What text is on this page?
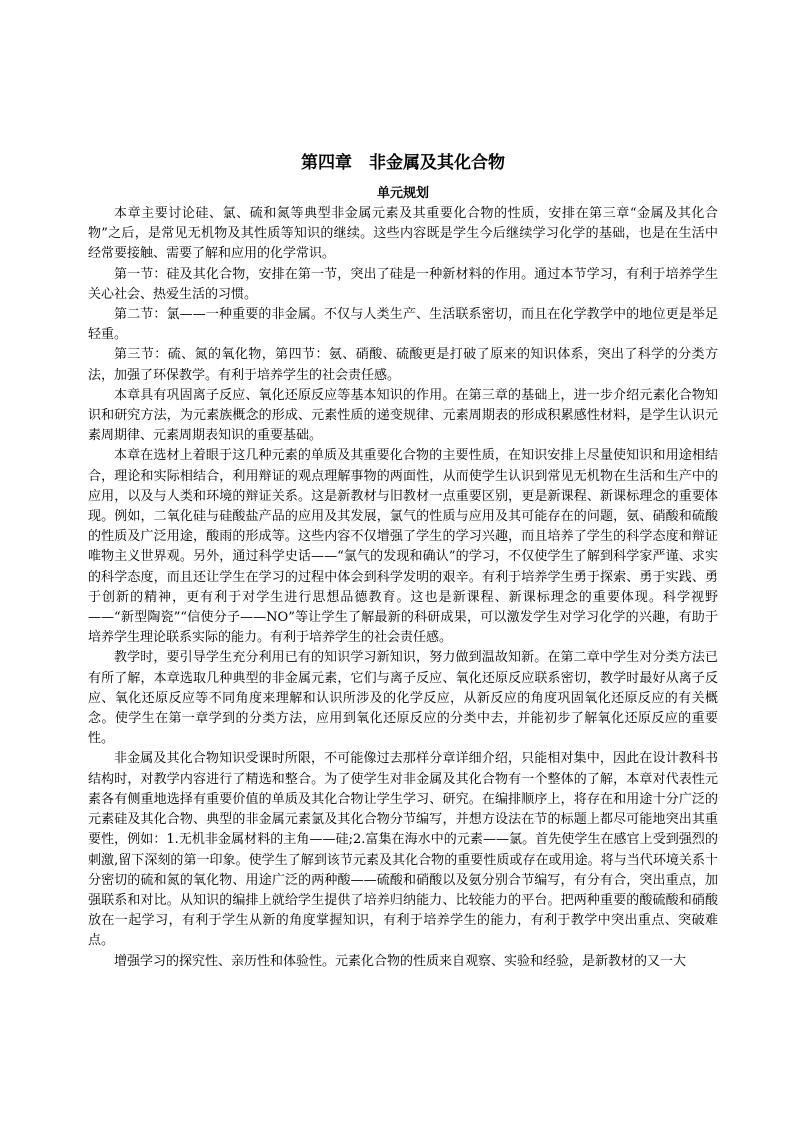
第四章　非金属及其化合物
单元规划

本章主要讨论硅、氯、硫和氮等典型非金属元素及其重要化合物的性质，安排在第三章“金属及其化合物”之后，是常见无机物及其性质等知识的继续。这些内容既是学生今后继续学习化学的基础，也是在生活中经常要接触、需要了解和应用的化学常识。

第一节：硅及其化合物，安排在第一节，突出了硅是一种新材料的作用。通过本节学习，有利于培养学生关心社会、热爱生活的习惯。

第二节：氯——一种重要的非金属。不仅与人类生产、生活联系密切，而且在化学教学中的地位更是举足轻重。

第三节：硫、氮的氧化物，第四节：氨、硝酸、硫酸更是打破了原来的知识体系，突出了科学的分类方法，加强了环保教学。有利于培养学生的社会责任感。

本章具有巩固离子反应、氧化还原反应等基本知识的作用。在第三章的基础上，进一步介绍元素化合物知识和研究方法，为元素族概念的形成、元素性质的递变规律、元素周期表的形成积累感性材料，是学生认识元素周期律、元素周期表知识的重要基础。

本章在选材上着眼于这几种元素的单质及其重要化合物的主要性质，在知识安排上尽量使知识和用途相结合，理论和实际相结合，利用辩证的观点理解事物的两面性，从而使学生认识到常见无机物在生活和生产中的应用，以及与人类和环境的辩证关系。这是新教材与旧教材一点重要区别，更是新课程、新课标理念的重要体现。例如，二氧化硅与硅酸盐产品的应用及其发展，氯气的性质与应用及其可能存在的问题，氨、硝酸和硫酸的性质及广泛用途，酸雨的形成等。这些内容不仅增强了学生的学习兴趣，而且培养了学生的科学态度和辩证唯物主义世界观。另外，通过科学史话——“氯气的发现和确认”的学习，不仅使学生了解到科学家严谨、求实的科学态度，而且还让学生在学习的过程中体会到科学发明的艰辛。有利于培养学生勇于探索、勇于实践、勇于创新的精神，更有利于对学生进行思想品德教育。这也是新课程、新课标理念的重要体现。科学视野——“新型陶瓷”“信使分子——NO”等让学生了解最新的科研成果，可以激发学生对学习化学的兴趣，有助于培养学生理论联系实际的能力。有利于培养学生的社会责任感。

教学时，要引导学生充分利用已有的知识学习新知识，努力做到温故知新。在第二章中学生对分类方法已有所了解，本章选取几种典型的非金属元素，它们与离子反应、氧化还原反应联系密切，教学时最好从离子反应、氧化还原反应等不同角度来理解和认识所涉及的化学反应，从新反应的角度巩固氧化还原反应的有关概念。使学生在第一章学到的分类方法，应用到氧化还原反应的分类中去，并能初步了解氧化还原反应的重要性。

非金属及其化合物知识受课时所限，不可能像过去那样分章详细介绍，只能相对集中，因此在设计教科书结构时，对教学内容进行了精选和整合。为了使学生对非金属及其化合物有一个整体的了解，本章对代表性元素各有侧重地选择有重要价值的单质及其化合物让学生学习、研究。在编排顺序上，将存在和用途十分广泛的元素硅及其化合物、典型的非金属元素氯及其化合物分节编写，并想方设法在节的标题上都尽可能地突出其重要性，例如：1.无机非金属材料的主角——硅;2.富集在海水中的元素——氯。首先使学生在感官上受到强烈的刺激,留下深刻的第一印象。使学生了解到该节元素及其化合物的重要性质或存在或用途。将与当代环境关系十分密切的硫和氮的氧化物、用途广泛的两种酸——硫酸和硝酸以及氨分别合节编写，有分有合，突出重点，加强联系和对比。从知识的编排上就给学生提供了培养归纳能力、比较能力的平台。把两种重要的酸硫酸和硝酸放在一起学习，有利于学生从新的角度掌握知识，有利于培养学生的能力，有利于教学中突出重点、突破难点。

增强学习的探究性、亲历性和体验性。元素化合物的性质来自观察、实验和经验，是新教材的又一大
